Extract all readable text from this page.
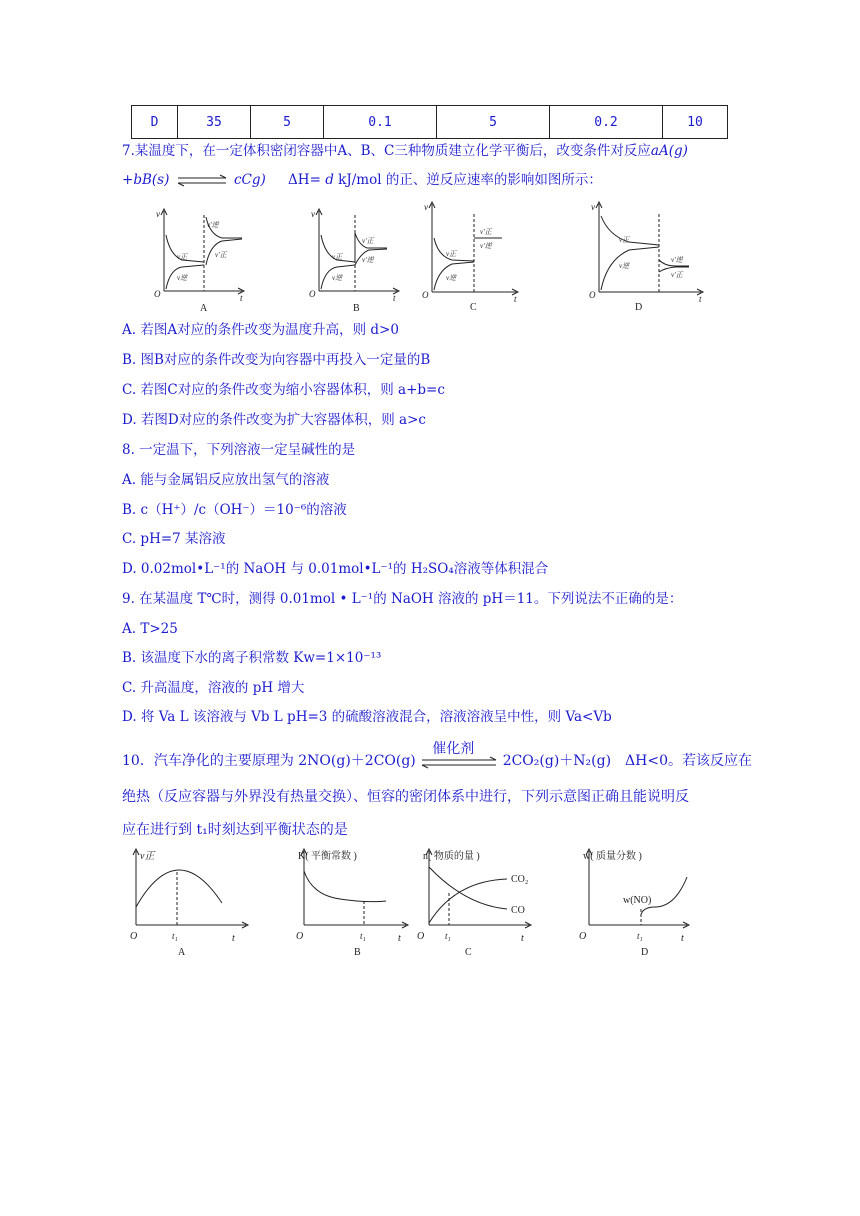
D	35	5	0.1	5	0.2	10
7.某温度下，在一定体积密闭容器中A、B、C三种物质建立化学平衡后，改变条件对反应aA(g)
+bB(s)	cCg) ΔH= d kJ/mol 的正、逆反应速率的影响如图所示：
v
O	t
v正
v逆
v′逆
v′正
A
v
O	t
v正
v逆
v′正
v′逆
B
v
O	t
v正
v逆
v′正
v′逆
C
v
O	t
v正
v逆
v′逆
v′正
D
A. 若图A对应的条件改变为温度升高，则 d>0
B. 图B对应的条件改变为向容器中再投入一定量的B
C. 若图C对应的条件改变为缩小容器体积，则 a+b=c
D. 若图D对应的条件改变为扩大容器体积，则 a>c
8. 一定温下，下列溶液一定呈碱性的是
A. 能与金属铝反应放出氢气的溶液
B. c（H⁺）/c（OH⁻）＝10⁻⁶的溶液
C. pH=7 某溶液
D. 0.02mol•L⁻¹的 NaOH 与 0.01mol•L⁻¹的 H₂SO₄溶液等体积混合
9. 在某温度 T℃时，测得 0.01mol • L⁻¹的 NaOH 溶液的 pH＝11。下列说法不正确的是：
A. T>25
B. 该温度下水的离子积常数 Kw=1×10⁻¹³
C. 升高温度，溶液的 pH 增大
D. 将 Va L 该溶液与 Vb L pH=3 的硫酸溶液混合，溶液溶液呈中性，则 Va<Vb
10．汽车净化的主要原理为 2NO(g)＋2CO(g)
催化剂
2CO₂(g)＋N₂(g)　ΔH<0。若该反应在
绝热（反应容器与外界没有热量交换）、恒容的密闭体系中进行，下列示意图正确且能说明反
应在进行到 t₁时刻达到平衡状态的是
v正
O	t₁	t
A
K( 平衡常数 )
O	t₁	t
B
n( 物质的量 )
O t₁	t
CO₂
CO
C
w( 质量分数 )
O	t₁	t
w(NO)
D
